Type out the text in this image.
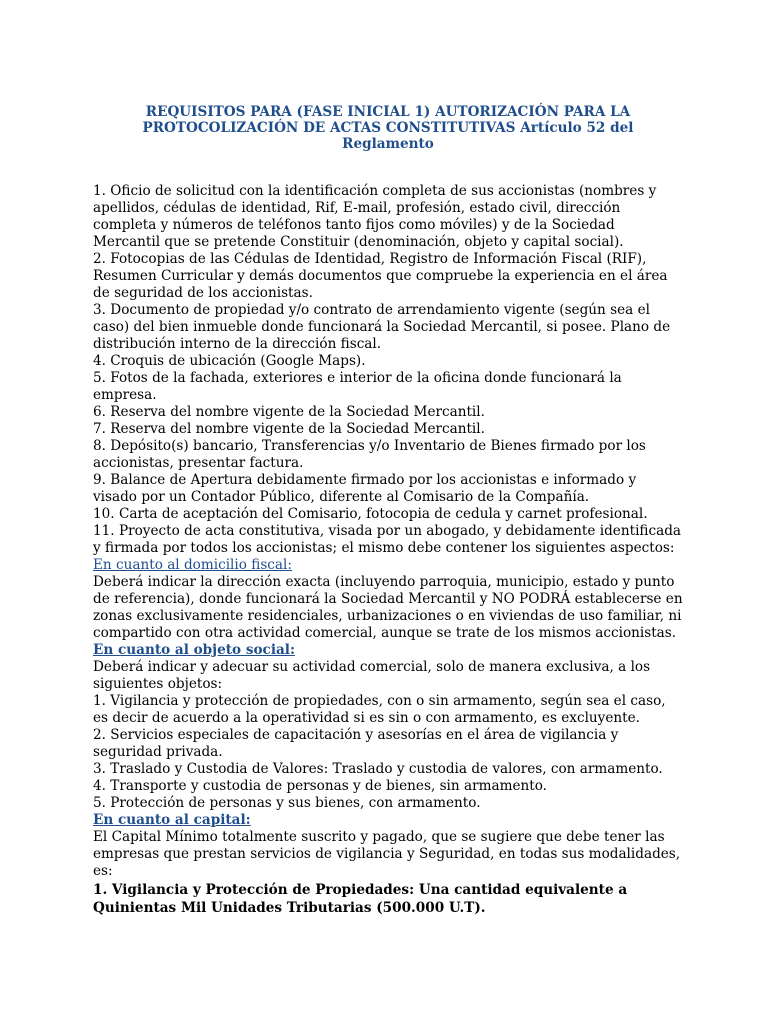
REQUISITOS PARA (FASE INICIAL 1) AUTORIZACIÓN PARA LA
PROTOCOLIZACIÓN DE ACTAS CONSTITUTIVAS Artículo 52 del
Reglamento

1. Oficio de solicitud con la identificación completa de sus accionistas (nombres y apellidos, cédulas de identidad, Rif, E-mail, profesión, estado civil, dirección completa y números de teléfonos tanto fijos como móviles) y de la Sociedad Mercantil que se pretende Constituir (denominación, objeto y capital social).

2. Fotocopias de las Cédulas de Identidad, Registro de Información Fiscal (RIF), Resumen Curricular y demás documentos que compruebe la experiencia en el área de seguridad de los accionistas.

3. Documento de propiedad y/o contrato de arrendamiento vigente (según sea el caso) del bien inmueble donde funcionará la Sociedad Mercantil, si posee. Plano de distribución interno de la dirección fiscal.

4. Croquis de ubicación (Google Maps).

5. Fotos de la fachada, exteriores e interior de la oficina donde funcionará la empresa.

6. Reserva del nombre vigente de la Sociedad Mercantil.

7. Reserva del nombre vigente de la Sociedad Mercantil.

8. Depósito(s) bancario, Transferencias y/o Inventario de Bienes firmado por los accionistas, presentar factura.

9. Balance de Apertura debidamente firmado por los accionistas e informado y visado por un Contador Público, diferente al Comisario de la Compañía.

10. Carta de aceptación del Comisario, fotocopia de cedula y carnet profesional.

11. Proyecto de acta constitutiva, visada por un abogado, y debidamente identificada y firmada por todos los accionistas; el mismo debe contener los siguientes aspectos: En cuanto al domicilio fiscal:

Deberá indicar la dirección exacta (incluyendo parroquia, municipio, estado y punto de referencia), donde funcionará la Sociedad Mercantil y NO PODRÁ establecerse en zonas exclusivamente residenciales, urbanizaciones o en viviendas de uso familiar, ni compartido con otra actividad comercial, aunque se trate de los mismos accionistas.

En cuanto al objeto social:

Deberá indicar y adecuar su actividad comercial, solo de manera exclusiva, a los siguientes objetos:

1. Vigilancia y protección de propiedades, con o sin armamento, según sea el caso, es decir de acuerdo a la operatividad si es sin o con armamento, es excluyente.

2. Servicios especiales de capacitación y asesorías en el área de vigilancia y seguridad privada.

3. Traslado y Custodia de Valores: Traslado y custodia de valores, con armamento.

4. Transporte y custodia de personas y de bienes, sin armamento.

5. Protección de personas y sus bienes, con armamento.

En cuanto al capital:

El Capital Mínimo totalmente suscrito y pagado, que se sugiere que debe tener las empresas que prestan servicios de vigilancia y Seguridad, en todas sus modalidades, es:

1. Vigilancia y Protección de Propiedades: Una cantidad equivalente a Quinientas Mil Unidades Tributarias (500.000 U.T).
